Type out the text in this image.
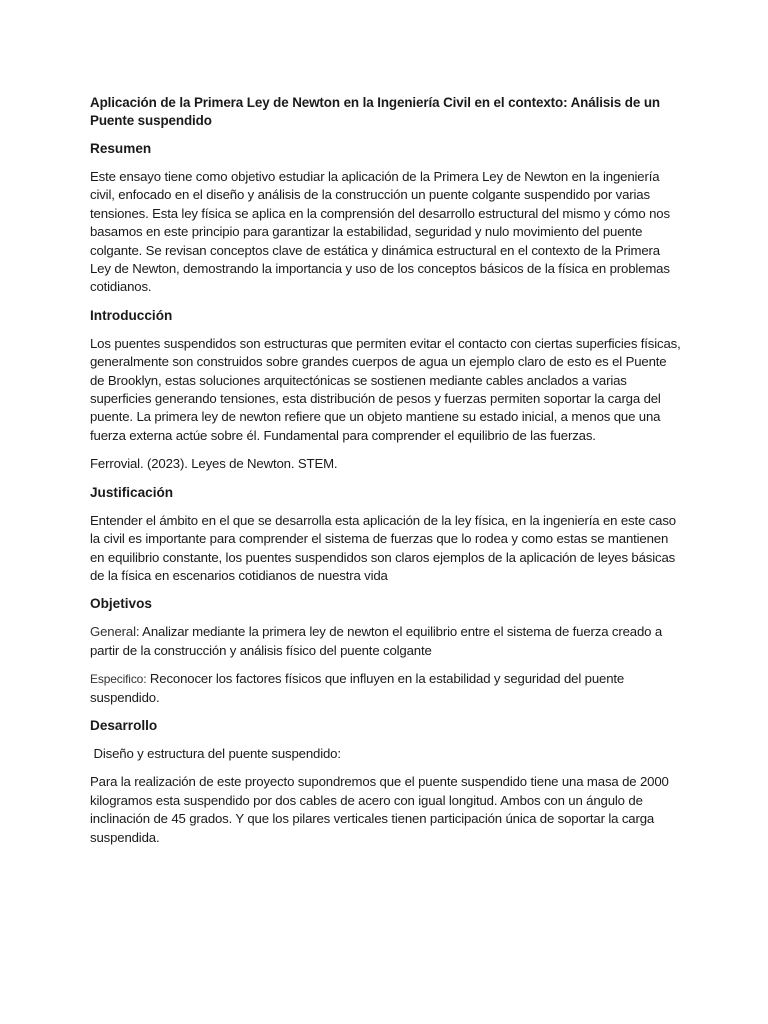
Aplicación de la Primera Ley de Newton en la Ingeniería Civil en el contexto: Análisis de un Puente suspendido
Resumen
Este ensayo tiene como objetivo estudiar la aplicación de la Primera Ley de Newton en la ingeniería civil, enfocado en el diseño y análisis de la construcción un puente colgante suspendido por varias tensiones. Esta ley física se aplica en la comprensión del desarrollo estructural del mismo y cómo nos basamos en este principio para garantizar la estabilidad, seguridad y nulo movimiento del puente colgante. Se revisan conceptos clave de estática y dinámica estructural en el contexto de la Primera Ley de Newton, demostrando la importancia y uso de los conceptos básicos de la física en problemas cotidianos.
Introducción
Los puentes suspendidos son estructuras que permiten evitar el contacto con ciertas superficies físicas, generalmente son construidos sobre grandes cuerpos de agua un ejemplo claro de esto es el Puente de Brooklyn, estas soluciones arquitectónicas se sostienen mediante cables anclados a varias superficies generando tensiones, esta distribución de pesos y fuerzas permiten soportar la carga del puente. La primera ley de newton refiere que un objeto mantiene su estado inicial, a menos que una fuerza externa actúe sobre él. Fundamental para comprender el equilibrio de las fuerzas.
Ferrovial. (2023). Leyes de Newton. STEM.
Justificación
Entender el ámbito en el que se desarrolla esta aplicación de la ley física, en la ingeniería en este caso la civil es importante para comprender el sistema de fuerzas que lo rodea y como estas se mantienen en equilibrio constante, los puentes suspendidos son claros ejemplos de la aplicación de leyes básicas de la física en escenarios cotidianos de nuestra vida
Objetivos
General: Analizar mediante la primera ley de newton el equilibrio entre el sistema de fuerza creado a partir de la construcción y análisis físico del puente colgante
Especifico: Reconocer los factores físicos que influyen en la estabilidad y seguridad del puente suspendido.
Desarrollo
Diseño y estructura del puente suspendido:
Para la realización de este proyecto supondremos que el puente suspendido tiene una masa de 2000 kilogramos esta suspendido por dos cables de acero con igual longitud. Ambos con un ángulo de inclinación de 45 grados. Y que los pilares verticales tienen participación única de soportar la carga suspendida.
